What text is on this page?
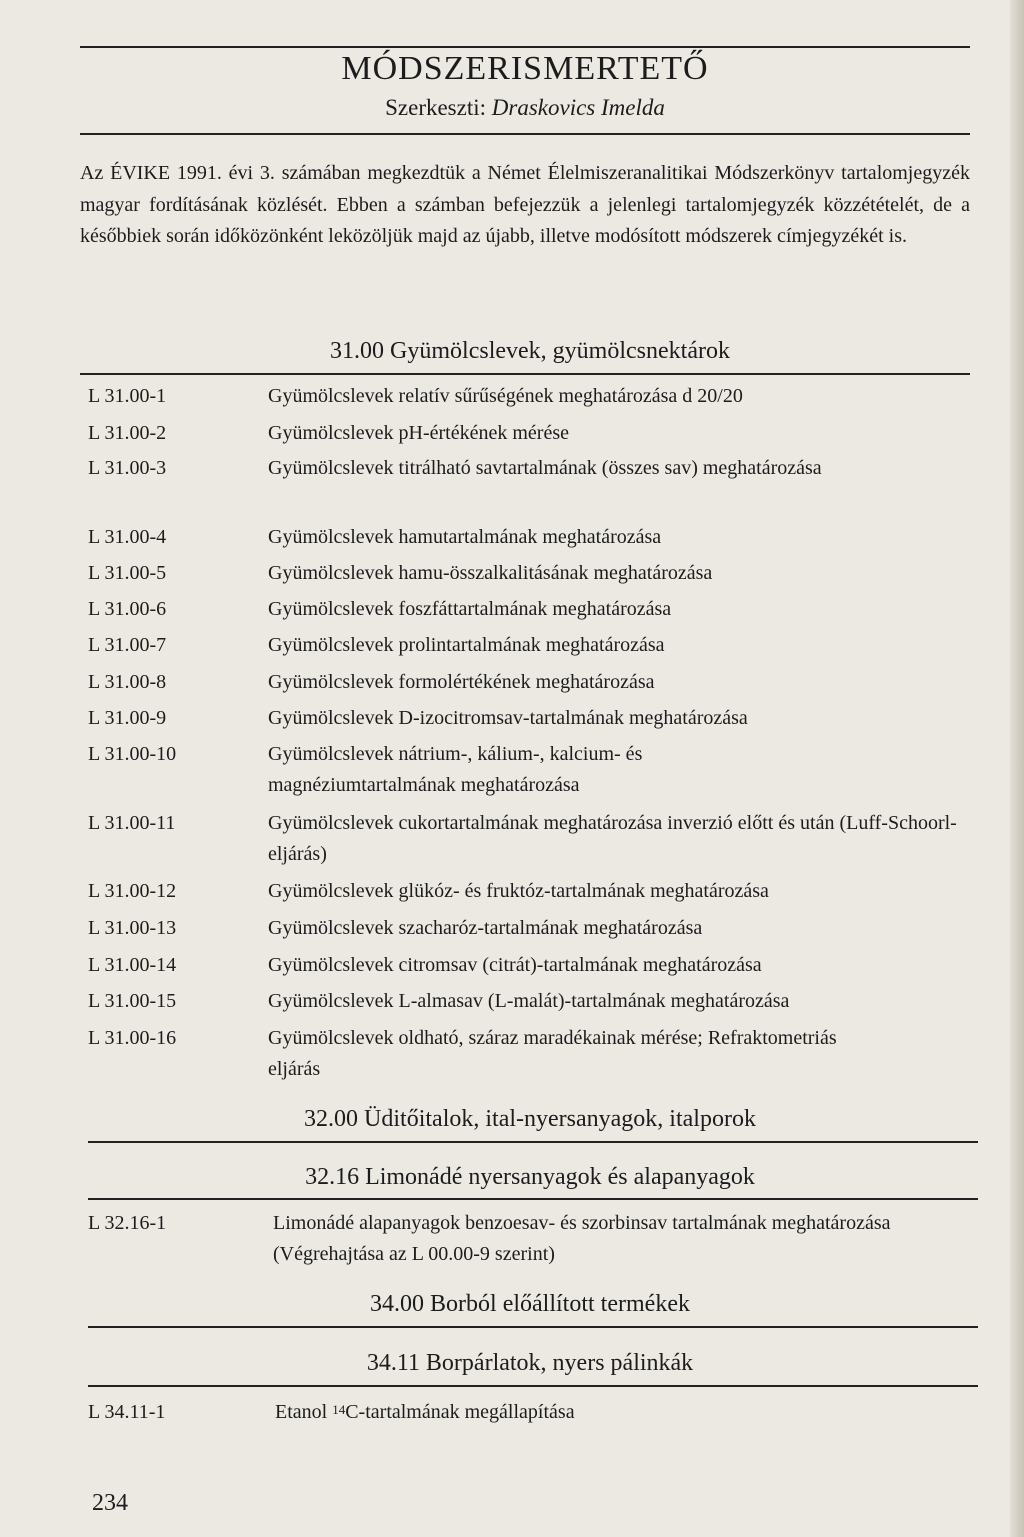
MÓDSZERISMERTETŐ
Szerkeszti: Draskovics Imelda
Az ÉVIKE 1991. évi 3. számában megkezdtük a Német Élelmiszeranalitikai Módszerkönyv tartalomjegyzék magyar fordításának közlését. Ebben a számban befejezzük a jelenlegi tartalomjegyzék közzétételét, de a későbbiek során időközönként leközöljük majd az újabb, illetve modósított módszerek címjegyzékét is.
31.00 Gyümölcslevek, gyümölcsnektárok
L 31.00-1	Gyümölcslevek relatív sűrűségének meghatározása d 20/20
L 31.00-2	Gyümölcslevek pH-értékének mérése
L 31.00-3	Gyümölcslevek titrálható savtartalmának (összes sav) meghatározása
L 31.00-4	Gyümölcslevek hamutartalmának meghatározása
L 31.00-5	Gyümölcslevek hamu-összalkalitásának meghatározása
L 31.00-6	Gyümölcslevek foszfáttartalmának meghatározása
L 31.00-7	Gyümölcslevek prolintartalmának meghatározása
L 31.00-8	Gyümölcslevek formolértékének meghatározása
L 31.00-9	Gyümölcslevek D-izocitromsav-tartalmának meghatározása
L 31.00-10	Gyümölcslevek nátrium-, kálium-, kalcium- és magnéziumtartalmának meghatározása
L 31.00-11	Gyümölcslevek cukortartalmának meghatározása inverzió előtt és után (Luff-Schoorl-eljárás)
L 31.00-12	Gyümölcslevek glükóz- és fruktóz-tartalmának meghatározása
L 31.00-13	Gyümölcslevek szacharóz-tartalmának meghatározása
L 31.00-14	Gyümölcslevek citromsav (citrát)-tartalmának meghatározása
L 31.00-15	Gyümölcslevek L-almasav (L-malát)-tartalmának meghatározása
L 31.00-16	Gyümölcslevek oldható, száraz maradékainak mérése; Refraktometriás eljárás
32.00 Üditőitalok, ital-nyersanyagok, italporok
32.16 Limonádé nyersanyagok és alapanyagok
L 32.16-1	Limonádé alapanyagok benzoesav- és szorbinsav tartalmának meghatározása (Végrehajtása az L 00.00-9 szerint)
34.00 Borból előállított termékek
34.11 Borpárlatok, nyers pálinkák
L 34.11-1	Etanol $^{14}$C-tartalmának megállapítása
234
